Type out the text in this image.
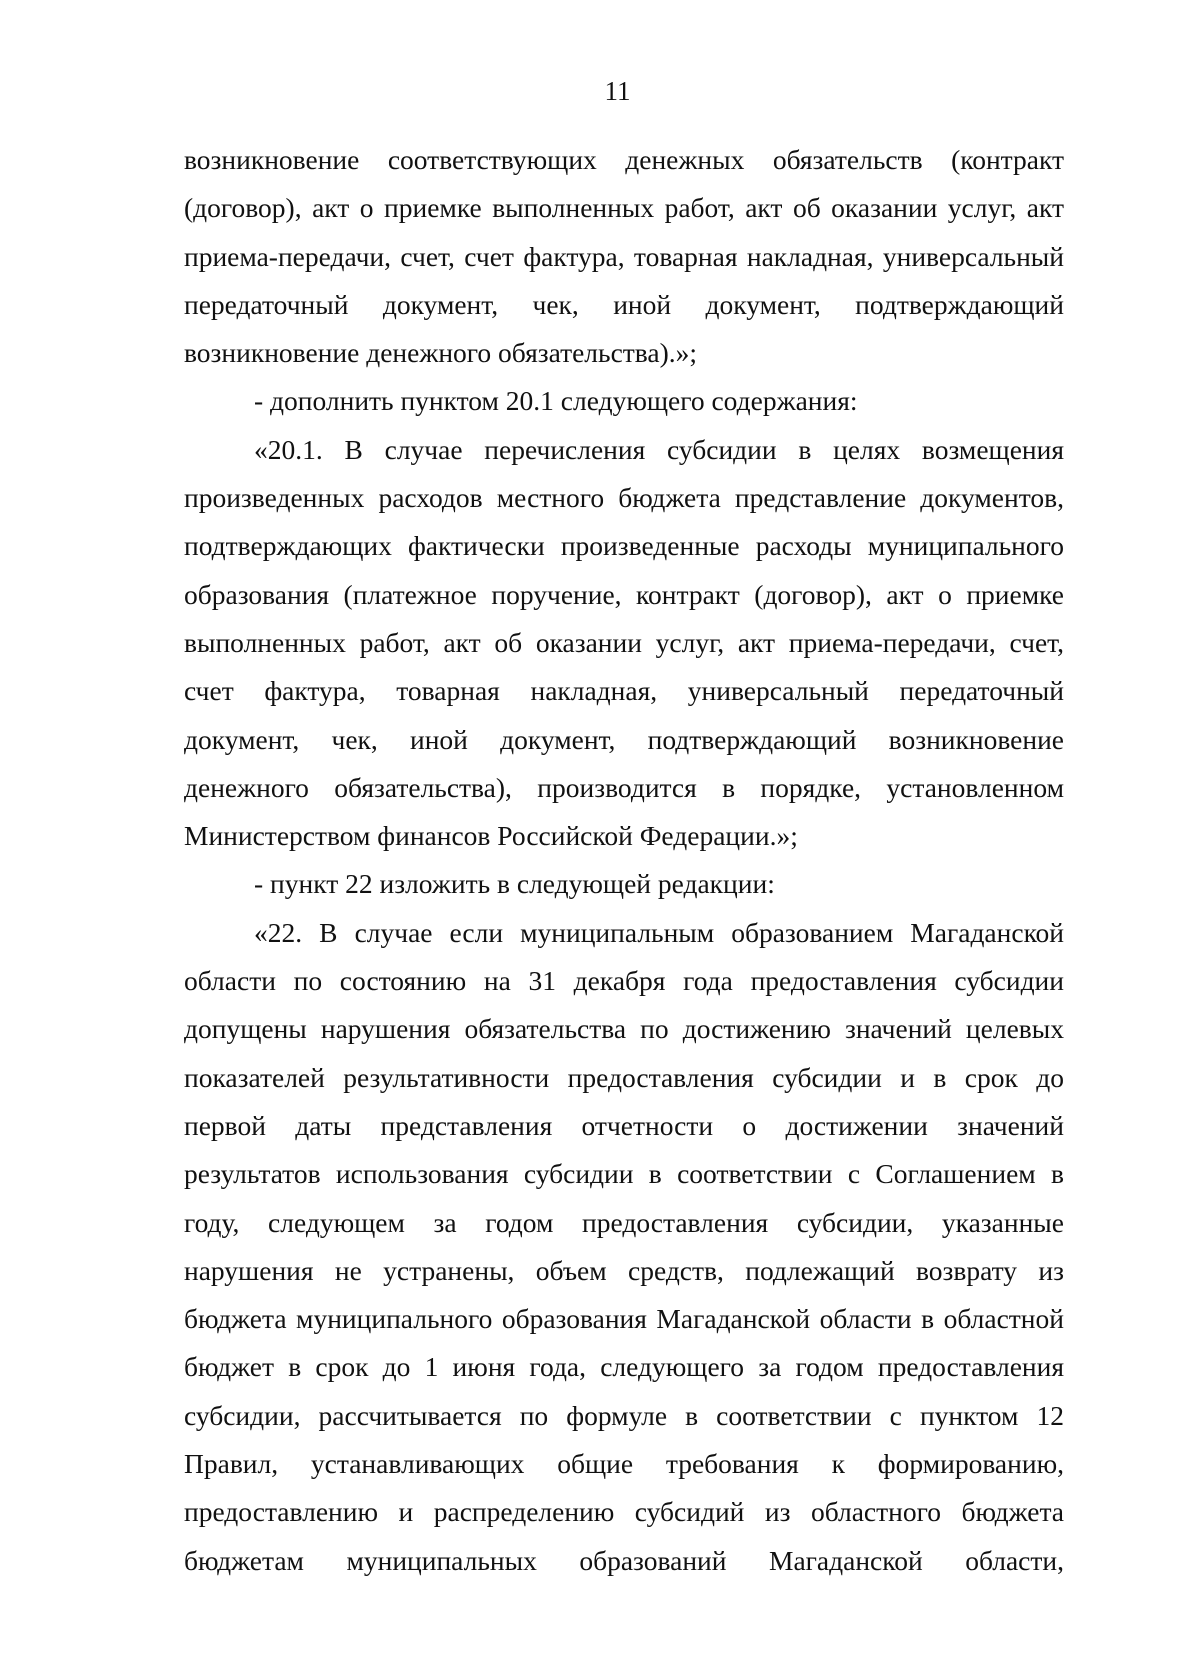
11
возникновение соответствующих денежных обязательств (контракт
(договор), акт о приемке выполненных работ, акт об оказании услуг, акт
приема-передачи, счет, счет фактура, товарная накладная, универсальный
передаточный документ, чек, иной документ, подтверждающий
возникновение денежного обязательства).»;
- дополнить пунктом 20.1 следующего содержания:
«20.1. В случае перечисления субсидии в целях возмещения
произведенных расходов местного бюджета представление документов,
подтверждающих фактически произведенные расходы муниципального
образования (платежное поручение, контракт (договор), акт о приемке
выполненных работ, акт об оказании услуг, акт приема-передачи, счет,
счет фактура, товарная накладная, универсальный передаточный
документ, чек, иной документ, подтверждающий возникновение
денежного обязательства), производится в порядке, установленном
Министерством финансов Российской Федерации.»;
- пункт 22 изложить в следующей редакции:
«22. В случае если муниципальным образованием Магаданской
области по состоянию на 31 декабря года предоставления субсидии
допущены нарушения обязательства по достижению значений целевых
показателей результативности предоставления субсидии и в срок до
первой даты представления отчетности о достижении значений
результатов использования субсидии в соответствии с Соглашением в
году, следующем за годом предоставления субсидии, указанные
нарушения не устранены, объем средств, подлежащий возврату из
бюджета муниципального образования Магаданской области в областной
бюджет в срок до 1 июня года, следующего за годом предоставления
субсидии, рассчитывается по формуле в соответствии с пунктом 12
Правил, устанавливающих общие требования к формированию,
предоставлению и распределению субсидий из областного бюджета
бюджетам муниципальных образований Магаданской области,
